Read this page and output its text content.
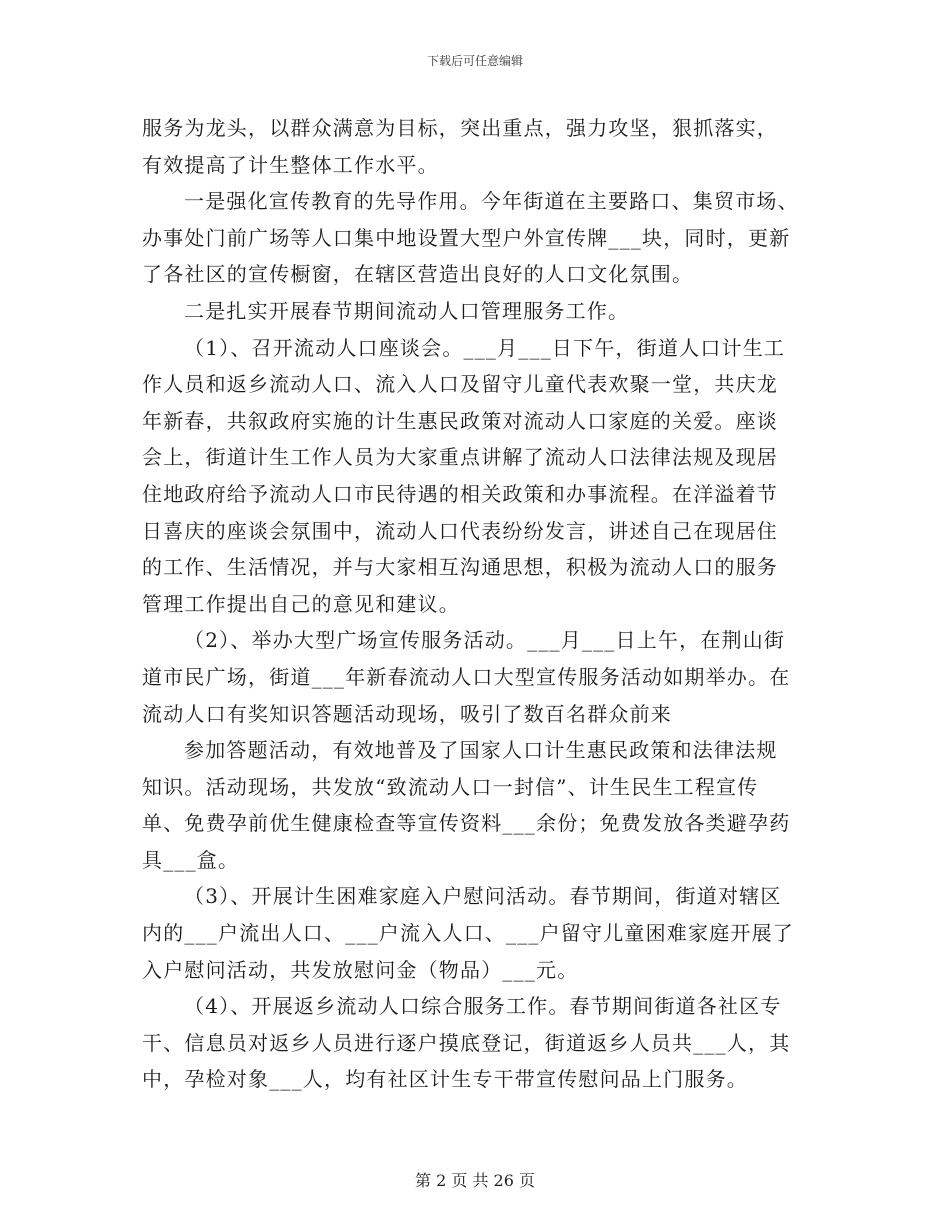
下载后可任意编辑
服务为龙头，以群众满意为目标，突出重点，强力攻坚，狠抓落实，
有效提高了计生整体工作水平。
一是强化宣传教育的先导作用。今年街道在主要路口、集贸市场、
办事处门前广场等人口集中地设置大型户外宣传牌___块，同时，更新
了各社区的宣传橱窗，在辖区营造出良好的人口文化氛围。
二是扎实开展春节期间流动人口管理服务工作。
（1）、召开流动人口座谈会。___月___日下午，街道人口计生工
作人员和返乡流动人口、流入人口及留守儿童代表欢聚一堂，共庆龙
年新春，共叙政府实施的计生惠民政策对流动人口家庭的关爱。座谈
会上，街道计生工作人员为大家重点讲解了流动人口法律法规及现居
住地政府给予流动人口市民待遇的相关政策和办事流程。在洋溢着节
日喜庆的座谈会氛围中，流动人口代表纷纷发言，讲述自己在现居住
的工作、生活情况，并与大家相互沟通思想，积极为流动人口的服务
管理工作提出自己的意见和建议。
（2）、举办大型广场宣传服务活动。___月___日上午，在荆山街
道市民广场，街道___年新春流动人口大型宣传服务活动如期举办。在
流动人口有奖知识答题活动现场，吸引了数百名群众前来
参加答题活动，有效地普及了国家人口计生惠民政策和法律法规
知识。活动现场，共发放“致流动人口一封信”、计生民生工程宣传
单、免费孕前优生健康检查等宣传资料___余份；免费发放各类避孕药
具___盒。
（3）、开展计生困难家庭入户慰问活动。春节期间，街道对辖区
内的___户流出人口、___户流入人口、___户留守儿童困难家庭开展了
入户慰问活动，共发放慰问金（物品）___元。
（4）、开展返乡流动人口综合服务工作。春节期间街道各社区专
干、信息员对返乡人员进行逐户摸底登记，街道返乡人员共___人，其
中，孕检对象___人，均有社区计生专干带宣传慰问品上门服务。
第 2 页 共 26 页
